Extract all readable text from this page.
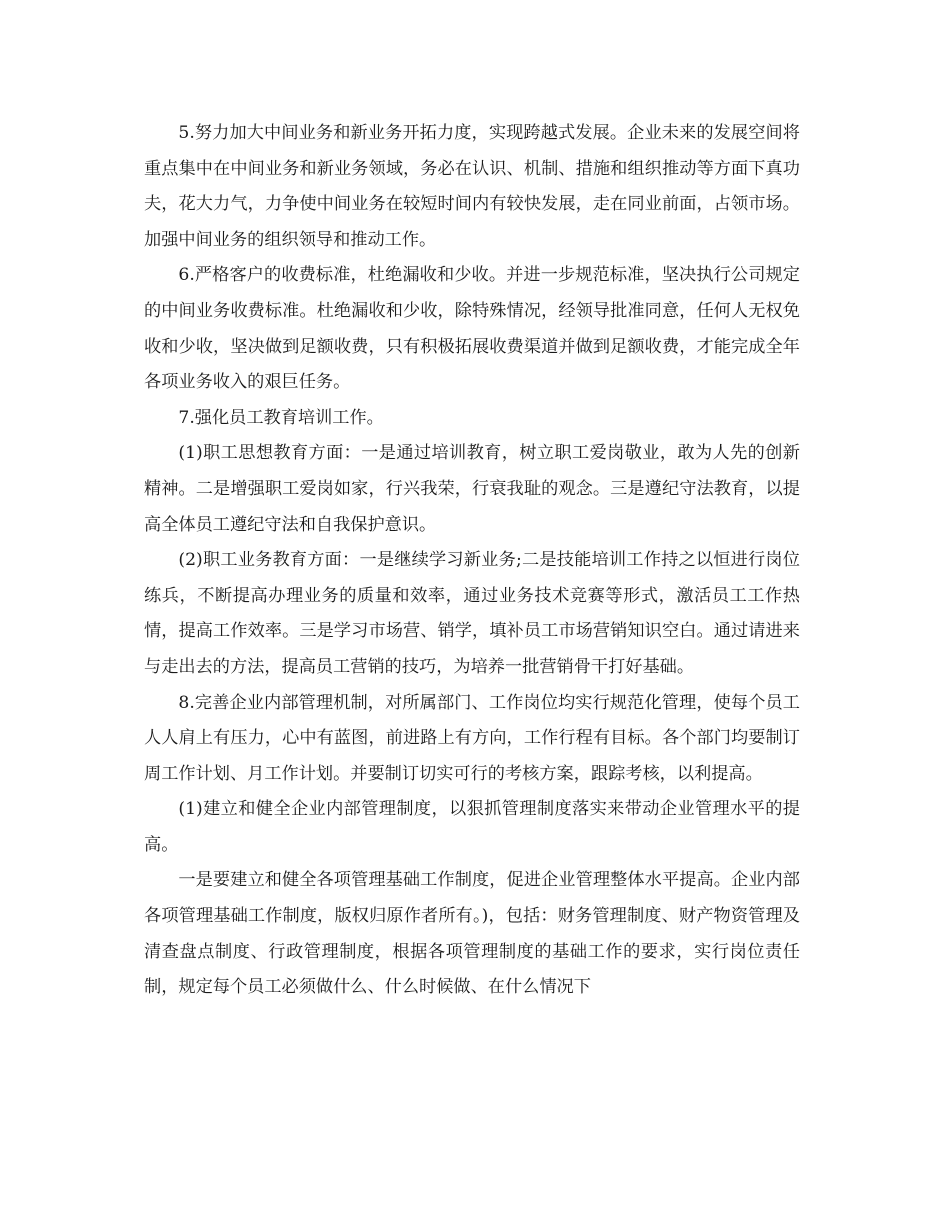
5.努力加大中间业务和新业务开拓力度，实现跨越式发展。企业未来的发展空间将重点集中在中间业务和新业务领域，务必在认识、机制、措施和组织推动等方面下真功夫，花大力气，力争使中间业务在较短时间内有较快发展，走在同业前面，占领市场。加强中间业务的组织领导和推动工作。

6.严格客户的收费标准，杜绝漏收和少收。并进一步规范标准，坚决执行公司规定的中间业务收费标准。杜绝漏收和少收，除特殊情况，经领导批准同意，任何人无权免收和少收，坚决做到足额收费，只有积极拓展收费渠道并做到足额收费，才能完成全年各项业务收入的艰巨任务。

7.强化员工教育培训工作。

(1)职工思想教育方面：一是通过培训教育，树立职工爱岗敬业，敢为人先的创新精神。二是增强职工爱岗如家，行兴我荣，行衰我耻的观念。三是遵纪守法教育，以提高全体员工遵纪守法和自我保护意识。

(2)职工业务教育方面：一是继续学习新业务;二是技能培训工作持之以恒进行岗位练兵，不断提高办理业务的质量和效率，通过业务技术竞赛等形式，激活员工工作热情，提高工作效率。三是学习市场营、销学，填补员工市场营销知识空白。通过请进来与走出去的方法，提高员工营销的技巧，为培养一批营销骨干打好基础。

8.完善企业内部管理机制，对所属部门、工作岗位均实行规范化管理，使每个员工人人肩上有压力，心中有蓝图，前进路上有方向，工作行程有目标。各个部门均要制订周工作计划、月工作计划。并要制订切实可行的考核方案，跟踪考核，以利提高。

(1)建立和健全企业内部管理制度，以狠抓管理制度落实来带动企业管理水平的提高。

一是要建立和健全各项管理基础工作制度，促进企业管理整体水平提高。企业内部各项管理基础工作制度，版权归原作者所有。)，包括：财务管理制度、财产物资管理及清查盘点制度、行政管理制度，根据各项管理制度的基础工作的要求，实行岗位责任制，规定每个员工必须做什么、什么时候做、在什么情况下
